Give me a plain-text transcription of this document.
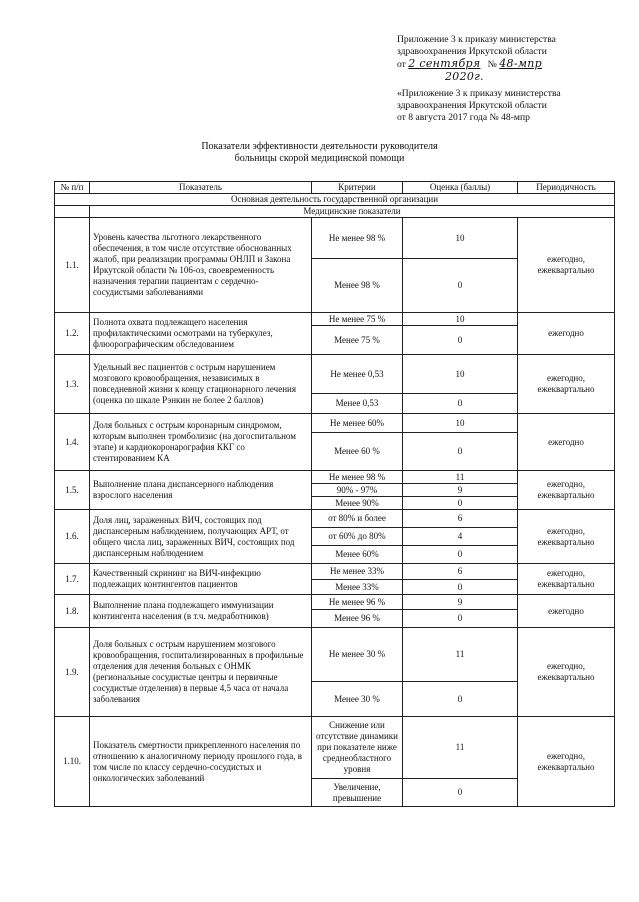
Приложение 3 к приказу министерства
здравоохранения Иркутской области
от 2 сентября № 48-мпр
2020г.
«Приложение 3 к приказу министерства
здравоохранения Иркутской области
от 8 августа 2017 года № 48-мпр
Показатели эффективности деятельности руководителя
больницы скорой медицинской помощи
№ п/п	Показатель	Критерии	Оценка (баллы)	Периодичность
Основная деятельность государственной организации				
	Медицинские показатели			
1.1.	Уровень качества льготного лекарственного обеспечения, в том числе отсутствие обоснованных жалоб, при реализации программы ОНЛП и Закона Иркутской области № 106-оз, своевременность назначения терапии пациентам с сердечно-сосудистыми заболеваниями	Не менее 98 %	10	ежегодно, ежеквартально
		Менее 98 %	0	
1.2.	Полнота охвата подлежащего населения профилактическими осмотрами на туберкулез, флюорографическим обследованием	Не менее 75 %	10	ежегодно
		Менее 75 %	0	
1.3.	Удельный вес пациентов с острым нарушением мозгового кровообращения, независимых в повседневной жизни к концу стационарного лечения (оценка по шкале Рэнкин не более 2 баллов)	Не менее 0,53	10	ежегодно, ежеквартально
		Менее 0,53	0	
1.4.	Доля больных с острым коронарным синдромом, которым выполнен тромболизис (на догоспитальном этапе) и кардиокоронарография ККГ со стентированием КА	Не менее 60%	10	ежегодно
		Менее 60 %	0	
1.5.	Выполнение плана диспансерного наблюдения взрослого населения	Не менее 98 %	11	ежегодно, ежеквартально
		90% - 97%	9	
		Менее 90%	0	
1.6.	Доля лиц, зараженных ВИЧ, состоящих под диспансерным наблюдением, получающих АРТ, от общего числа лиц, зараженных ВИЧ, состоящих под диспансерным наблюдением	от 80% и более	6	ежегодно, ежеквартально
		от 60% до 80%	4	
		Менее 60%	0	
1.7.	Качественный скрининг на ВИЧ-инфекцию подлежащих контингентов пациентов	Не менее 33%	6	ежегодно, ежеквартально
		Менее 33%	0	
1.8.	Выполнение плана подлежащего иммунизации контингента населения (в т.ч. медработников)	Не менее 96 %	9	ежегодно
		Менее 96 %	0	
1.9.	Доля больных с острым нарушением мозгового кровообращения, госпитализированных в профильные отделения для лечения больных с ОНМК (региональные сосудистые центры и первичные сосудистые отделения) в первые 4,5 часа от начала заболевания	Не менее 30 %	11	ежегодно, ежеквартально
		Менее 30 %	0	
1.10.	Показатель смертности прикрепленного населения по отношению к аналогичному периоду прошлого года, в том числе по классу сердечно-сосудистых и онкологических заболеваний	Снижение или отсутствие динамики при показателе ниже среднеобластного уровня	11	ежегодно, ежеквартально
		Увеличение, превышение	0	
